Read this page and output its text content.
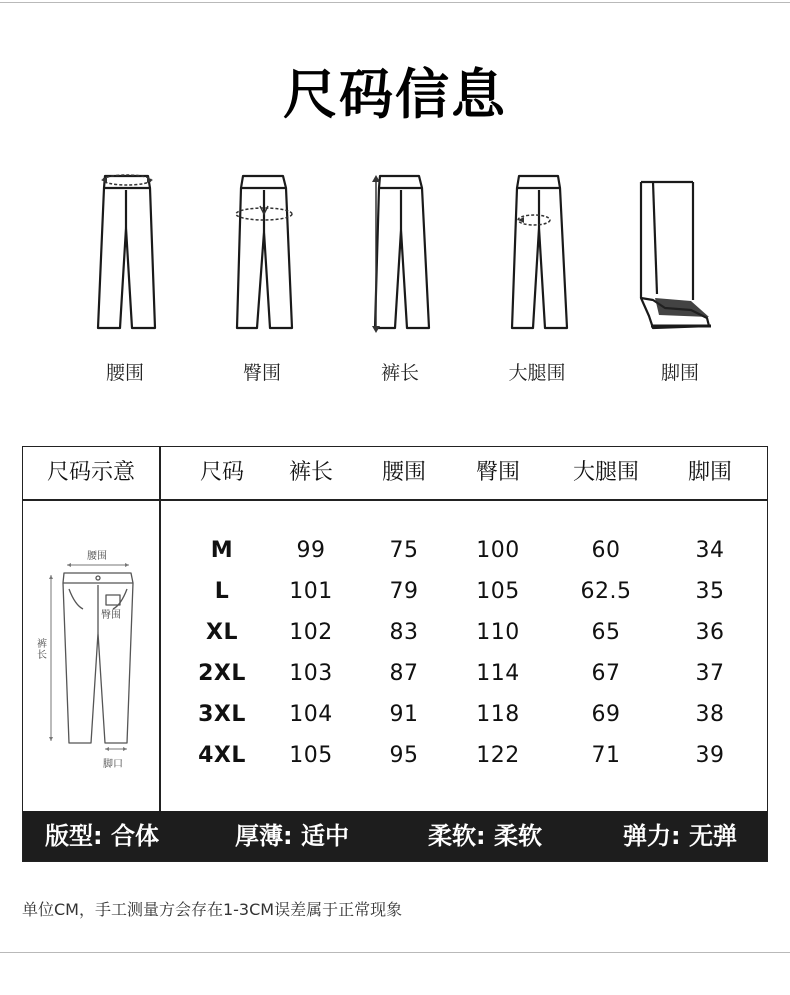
尺码信息
腰围	臀围	裤长	大腿围	脚围
尺码示意	尺码	裤长	腰围	臀围	大腿围	脚围
腰围
臀围
裤长
脚口
M	99	75	100	60	34
L	101	79	105	62.5	35
XL	102	83	110	65	36
2XL	103	87	114	67	37
3XL	104	91	118	69	38
4XL	105	95	122	71	39
版型: 合体	厚薄: 适中	柔软: 柔软	弹力: 无弹
单位CM，手工测量方会存在1-3CM误差属于正常现象
